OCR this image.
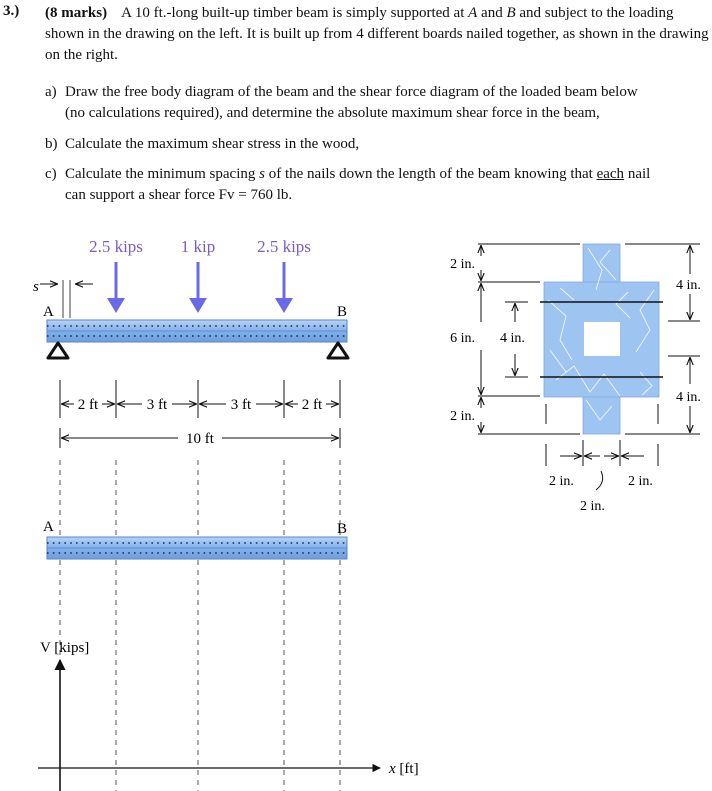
3.) (8 marks) A 10 ft.-long built-up timber beam is simply supported at A and B and subject to the loading shown in the drawing on the left. It is built up from 4 different boards nailed together, as shown in the drawing on the right.

a) Draw the free body diagram of the beam and the shear force diagram of the loaded beam below
(no calculations required), and determine the absolute maximum shear force in the beam,
b) Calculate the maximum shear stress in the wood,
c) Calculate the minimum spacing s of the nails down the length of the beam knowing that each nail
can support a shear force Fv = 760 lb.
2.5 kips 1 kip 2.5 kips
s
A	B
2 ft	3 ft	3 ft	2 ft
10 ft
2 in.
6 in.
2 in.
4 in.
4 in.
4 in.
2 in.
2 in.
2 in.
A	B
V [kips]
x [ft]
